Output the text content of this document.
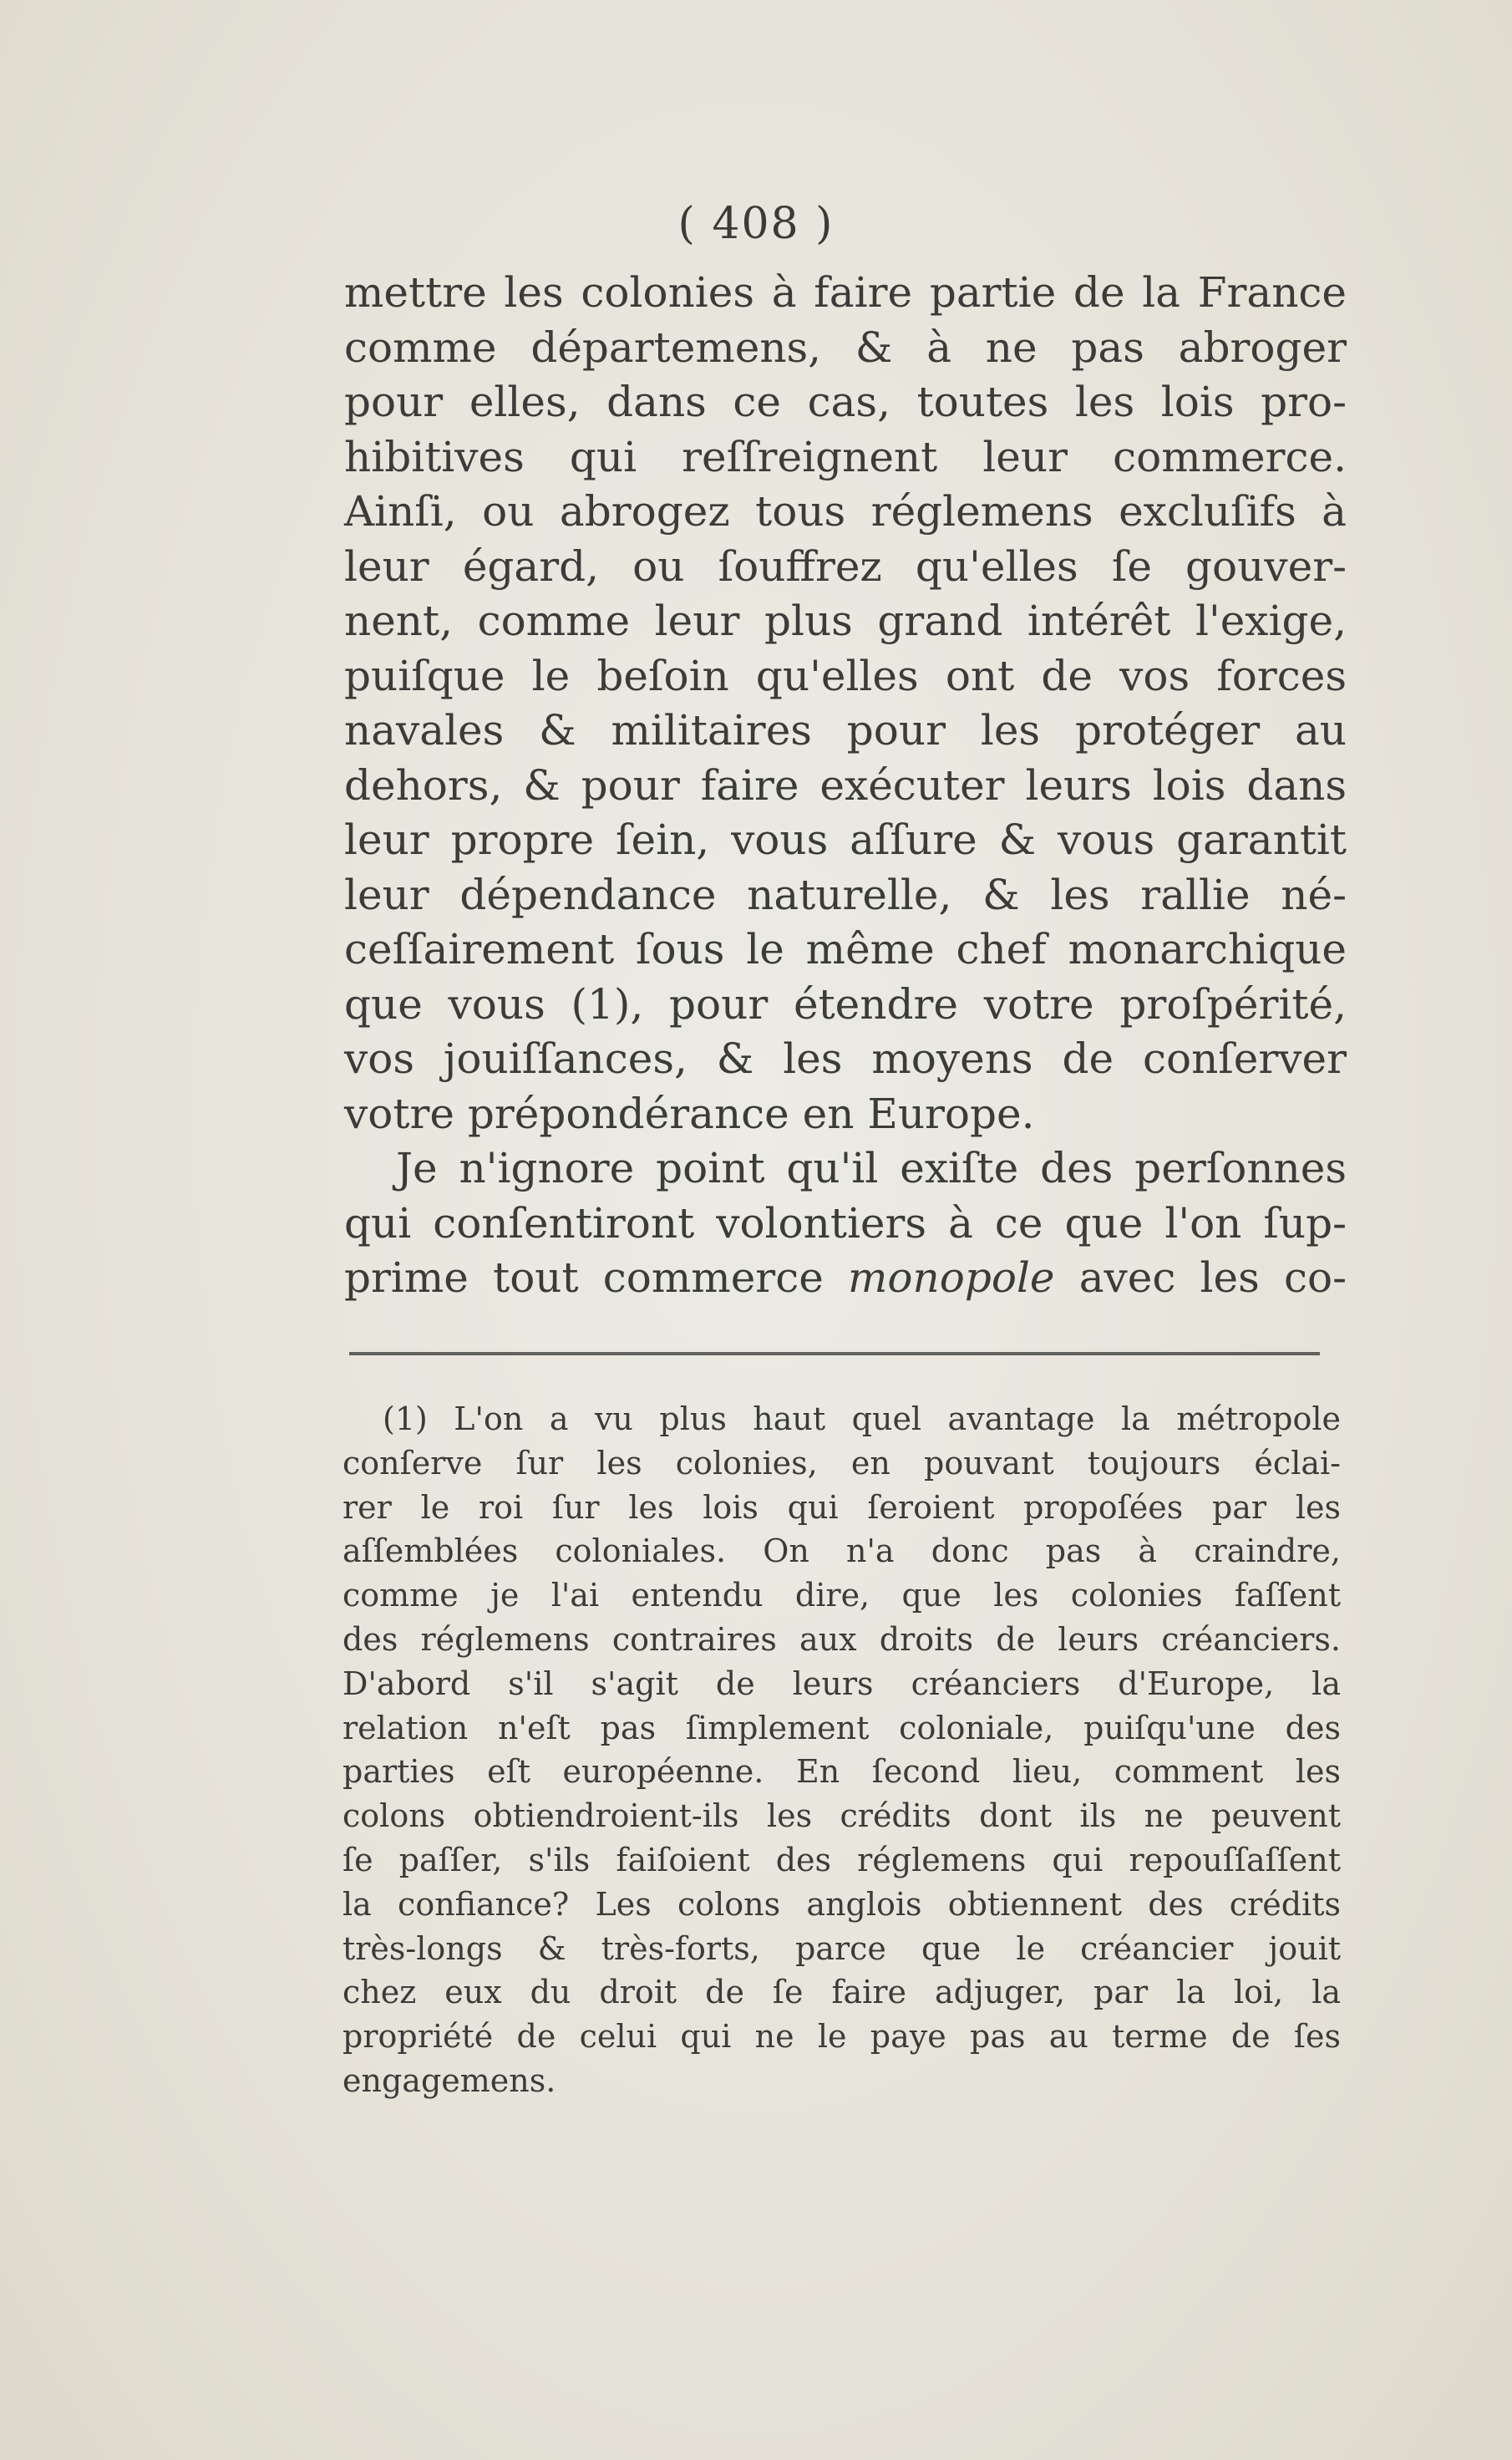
( 408 )
mettre les colonies à faire partie de la France
comme départemens, & à ne pas abroger
pour elles, dans ce cas, toutes les lois pro-
hibitives qui reſſreignent leur commerce.
Ainſi, ou abrogez tous réglemens excluſifs à
leur égard, ou ſouffrez qu'elles ſe gouver-
nent, comme leur plus grand intérêt l'exige,
puiſque le beſoin qu'elles ont de vos forces
navales & militaires pour les protéger au
dehors, & pour faire exécuter leurs lois dans
leur propre ſein, vous aſſure & vous garantit
leur dépendance naturelle, & les rallie né-
ceſſairement ſous le même chef monarchique
que vous (1), pour étendre votre proſpérité,
vos jouiſſances, & les moyens de conſerver
votre prépondérance en Europe.
Je n'ignore point qu'il exiſte des perſonnes
qui conſentiront volontiers à ce que l'on ſup-
prime tout commerce monopole avec les co-
(1) L'on a vu plus haut quel avantage la métropole
conſerve ſur les colonies, en pouvant toujours éclai-
rer le roi ſur les lois qui ſeroient propoſées par les
aſſemblées coloniales. On n'a donc pas à craindre,
comme je l'ai entendu dire, que les colonies faſſent
des réglemens contraires aux droits de leurs créanciers.
D'abord s'il s'agit de leurs créanciers d'Europe, la
relation n'eſt pas ſimplement coloniale, puiſqu'une des
parties eſt européenne. En ſecond lieu, comment les
colons obtiendroient-ils les crédits dont ils ne peuvent
ſe paſſer, s'ils faiſoient des réglemens qui repouſſaſſent
la confiance? Les colons anglois obtiennent des crédits
très-longs & très-forts, parce que le créancier jouit
chez eux du droit de ſe faire adjuger, par la loi, la
propriété de celui qui ne le paye pas au terme de ſes
engagemens.
